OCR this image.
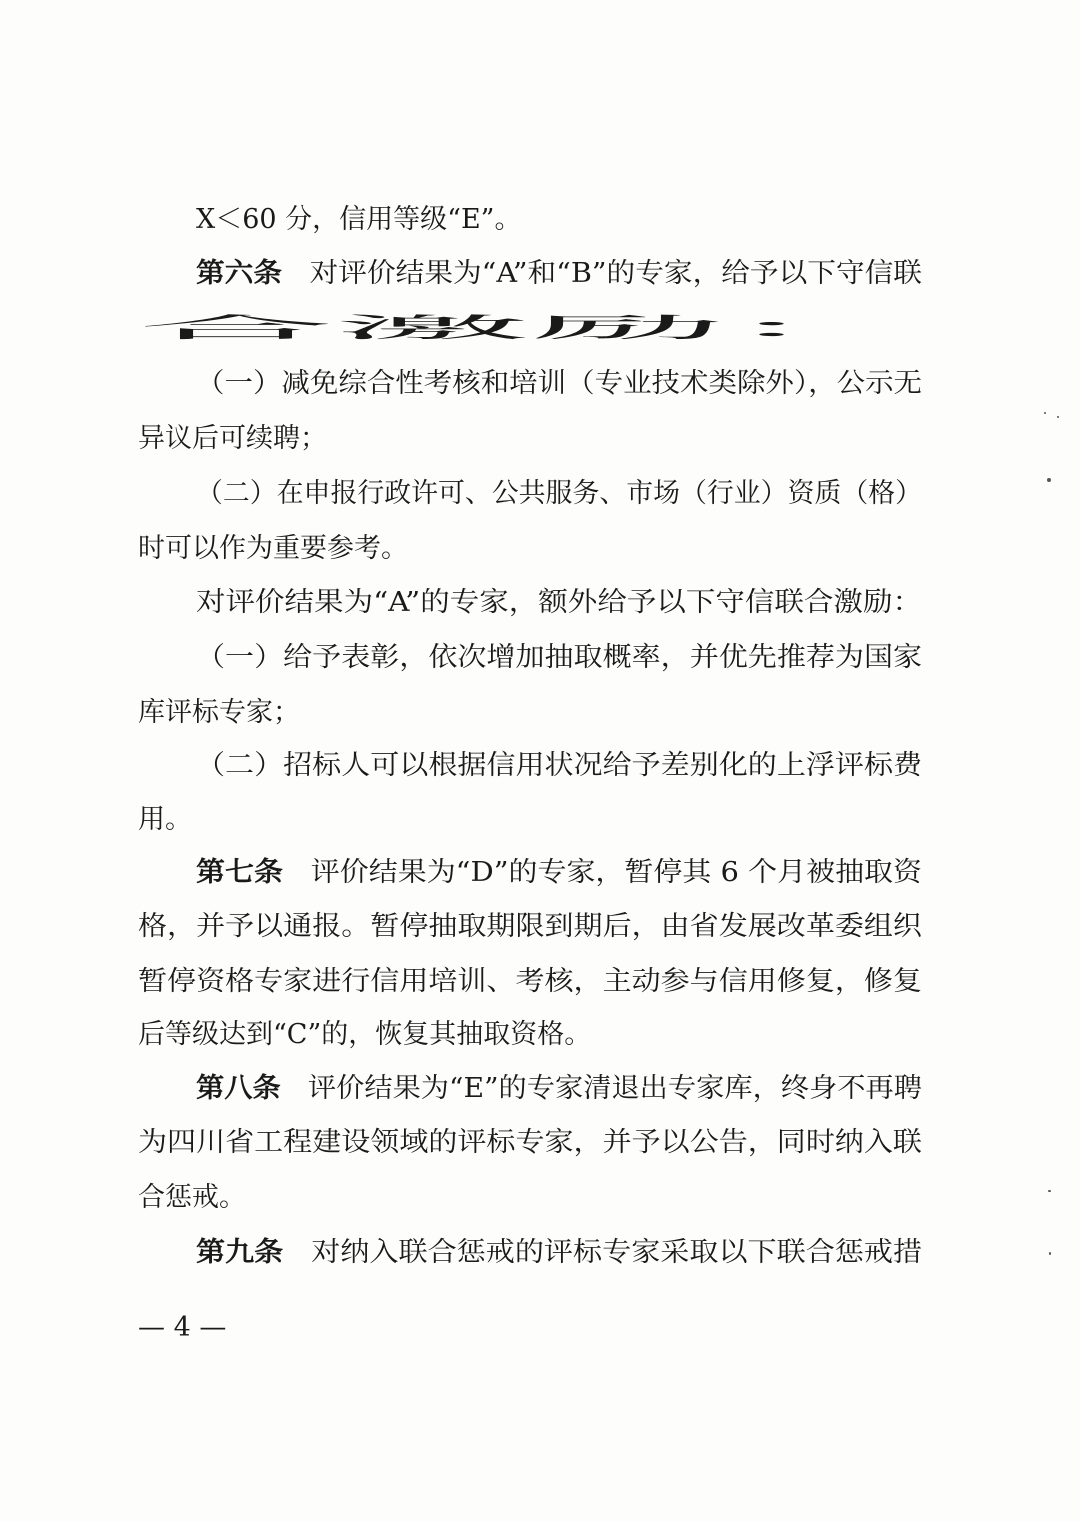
X＜60 分，信用等级“E”。
第六条 对评价结果为“A”和“B”的专家，给予以下守信联
合激励：
（一）减免综合性考核和培训（专业技术类除外），公示无
异议后可续聘；
（二）在申报行政许可、公共服务、市场（行业）资质（格）
时可以作为重要参考。
对评价结果为“A”的专家，额外给予以下守信联合激励：
（一）给予表彰，依次增加抽取概率，并优先推荐为国家
库评标专家；
（二）招标人可以根据信用状况给予差别化的上浮评标费
用。
第七条 评价结果为“D”的专家，暂停其 6 个月被抽取资
格，并予以通报。暂停抽取期限到期后，由省发展改革委组织
暂停资格专家进行信用培训、考核，主动参与信用修复，修复
后等级达到“C”的，恢复其抽取资格。
第八条 评价结果为“E”的专家清退出专家库，终身不再聘
为四川省工程建设领域的评标专家，并予以公告，同时纳入联
合惩戒。
第九条 对纳入联合惩戒的评标专家采取以下联合惩戒措
— 4 —
